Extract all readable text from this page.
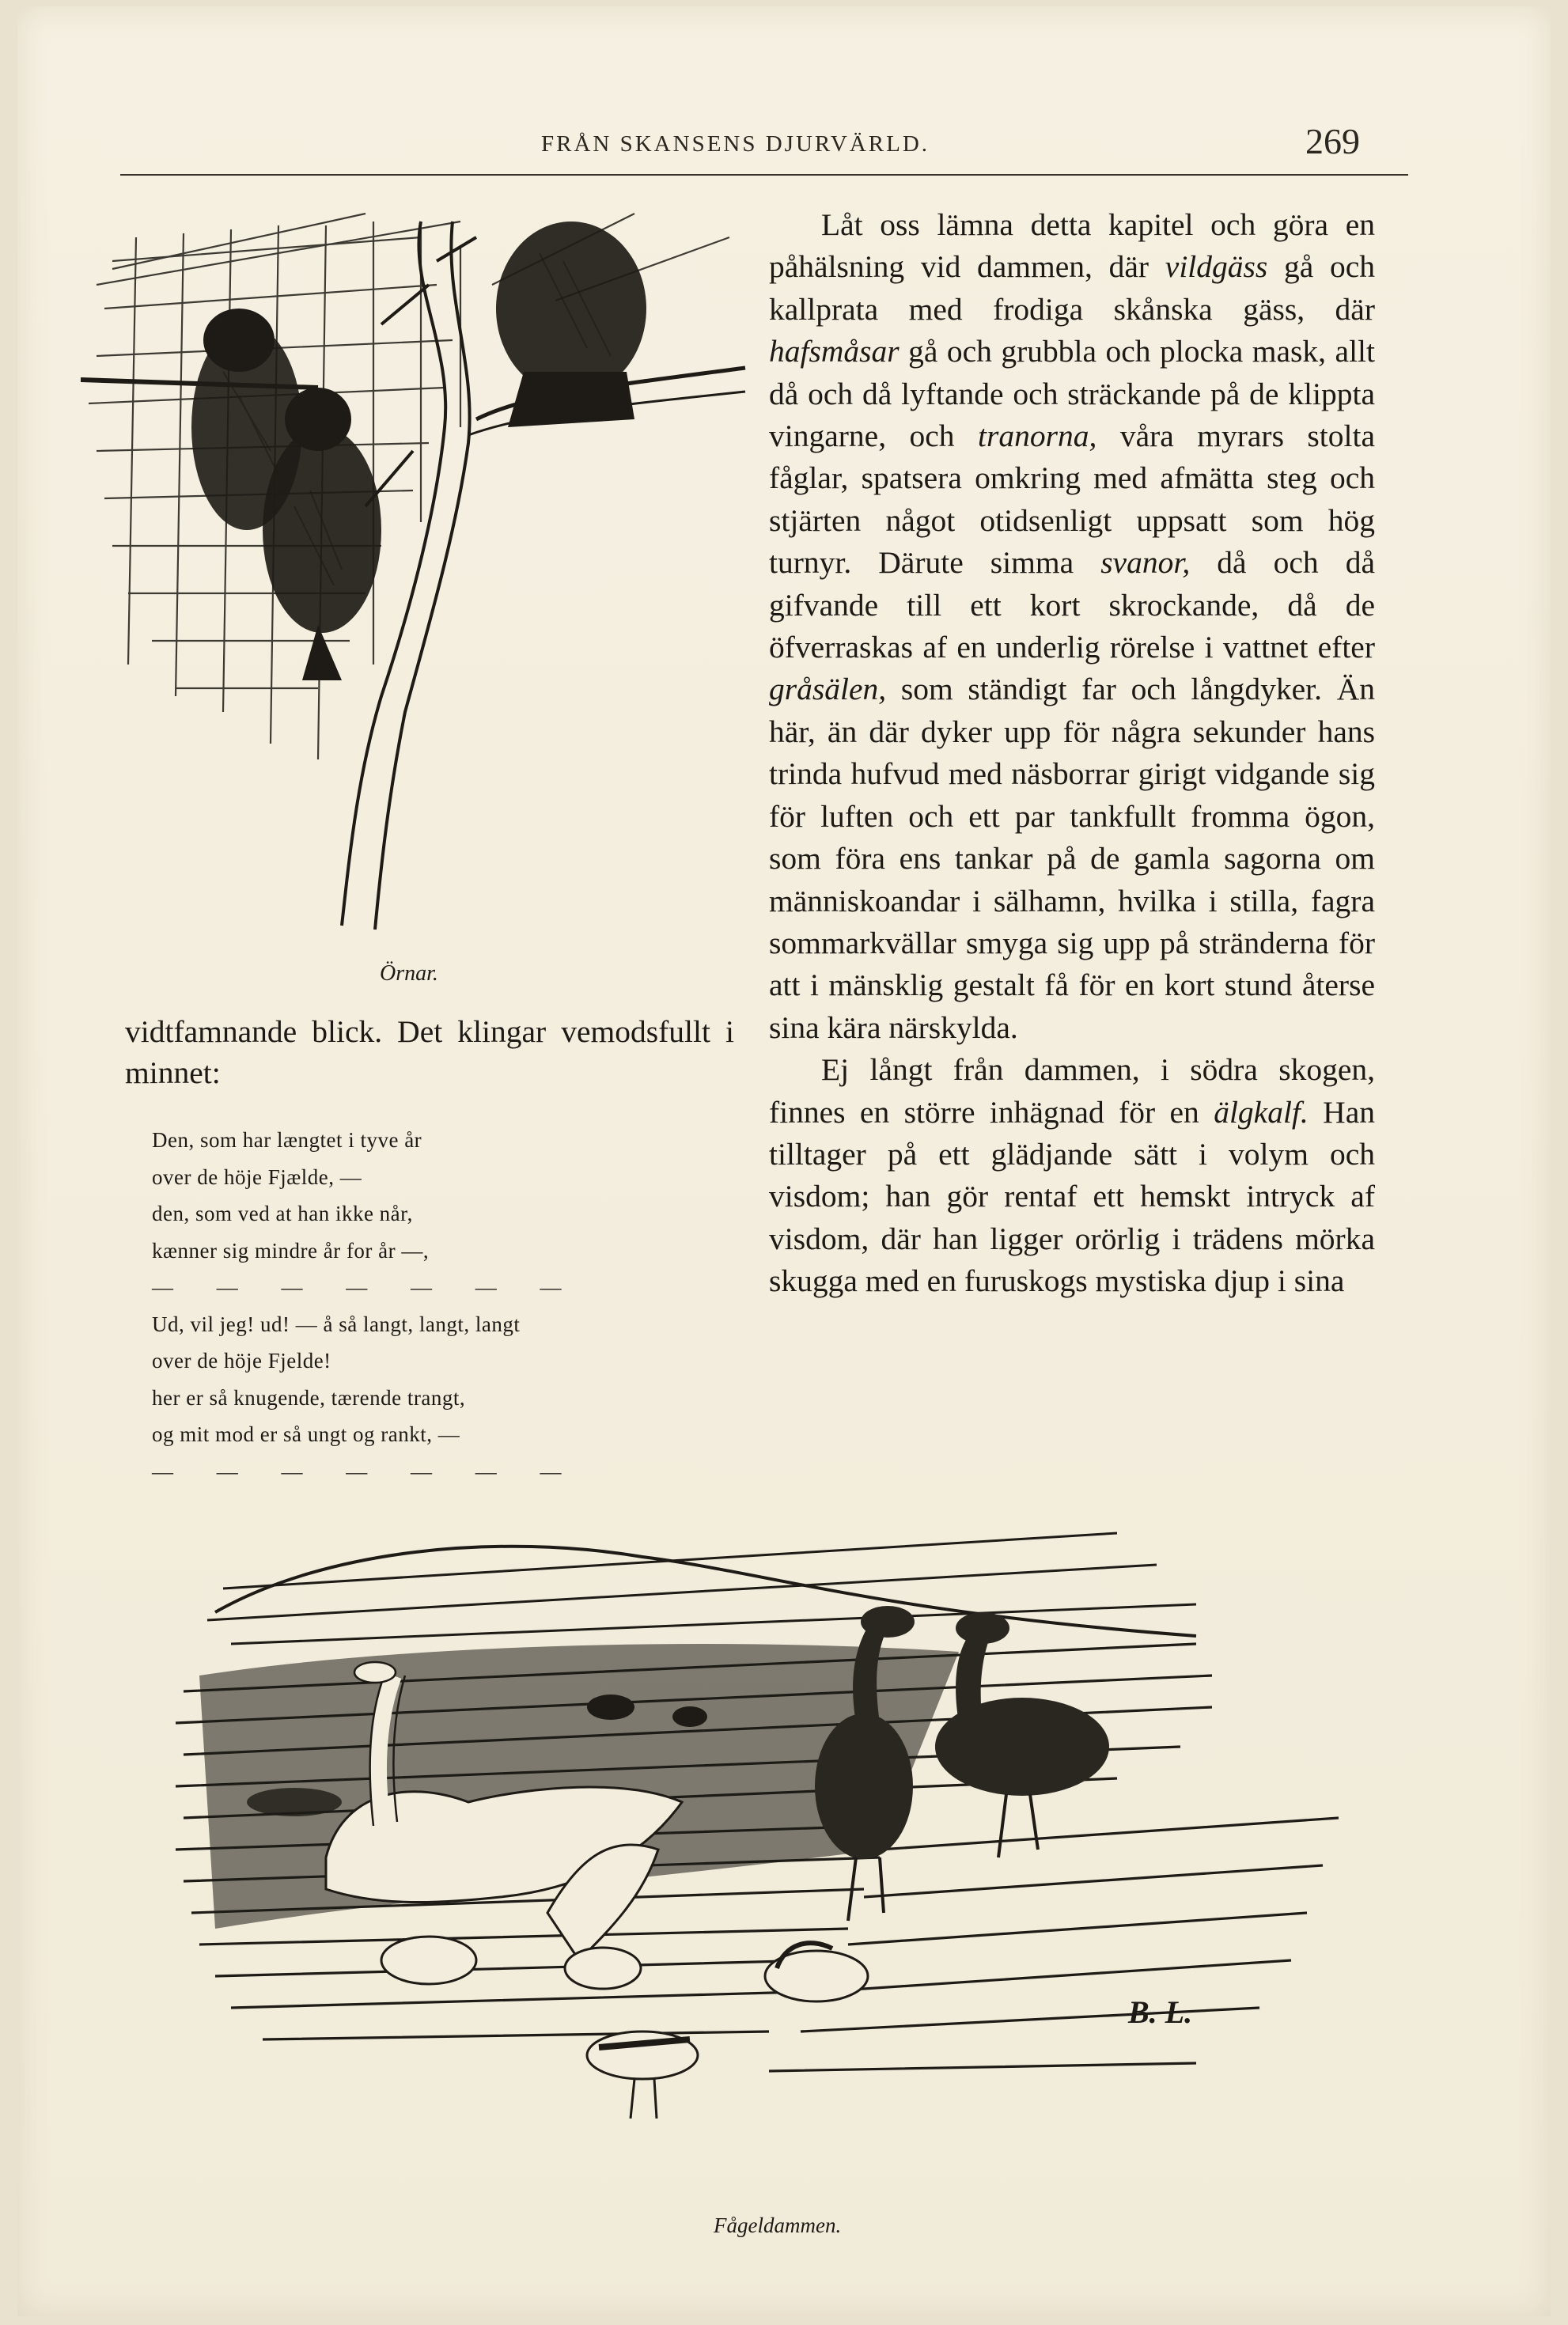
FRÅN SKANSENS DJURVÄRLD.	269
Örnar.

Låt oss lämna detta kapitel och göra en påhälsning vid dammen, där vildgäss gå och kallprata med frodiga skånska gäss, där hafsmåsar gå och grubbla och plocka mask, allt då och då lyftande och sträckande på de klippta vingarne, och tranorna, våra myrars stolta fåglar, spatsera omkring med afmätta steg och stjärten något otidsenligt uppsatt som hög turnyr. Därute simma svanor, då och då gifvande till ett kort skrockande, då de öfverraskas af en underlig rörelse i vattnet efter gråsälen, som ständigt far och långdyker. Än här, än där dyker upp för några sekunder hans trinda hufvud med näsborrar girigt vidgande sig för luften och ett par tankfullt fromma ögon, som föra ens tankar på de gamla sagorna om människoandar i sälhamn, hvilka i stilla, fagra sommarkvällar smyga sig upp på stränderna för att i mänsklig gestalt få för en kort stund återse sina kära närskylda.

Ej långt från dammen, i södra skogen, finnes en större inhägnad för en älgkalf. Han tilltager på ett glädjande sätt i volym och visdom; han gör rentaf ett hemskt intryck af visdom, där han ligger orörlig i trädens mörka skugga med en furuskogs mystiska djup i sina

vidtfamnande blick. Det klingar vemodsfullt i minnet:

Den, som har længtet i tyve år
over de höje Fjælde, —
den, som ved at han ikke når,
kænner sig mindre år for år —,
— — — — — — —
Ud, vil jeg! ud! — å så langt, langt, langt
over de höje Fjelde!
her er så knugende, tærende trangt,
og mit mod er så ungt og rankt, —
— — — — — — —
B. L.
Fågeldammen.
